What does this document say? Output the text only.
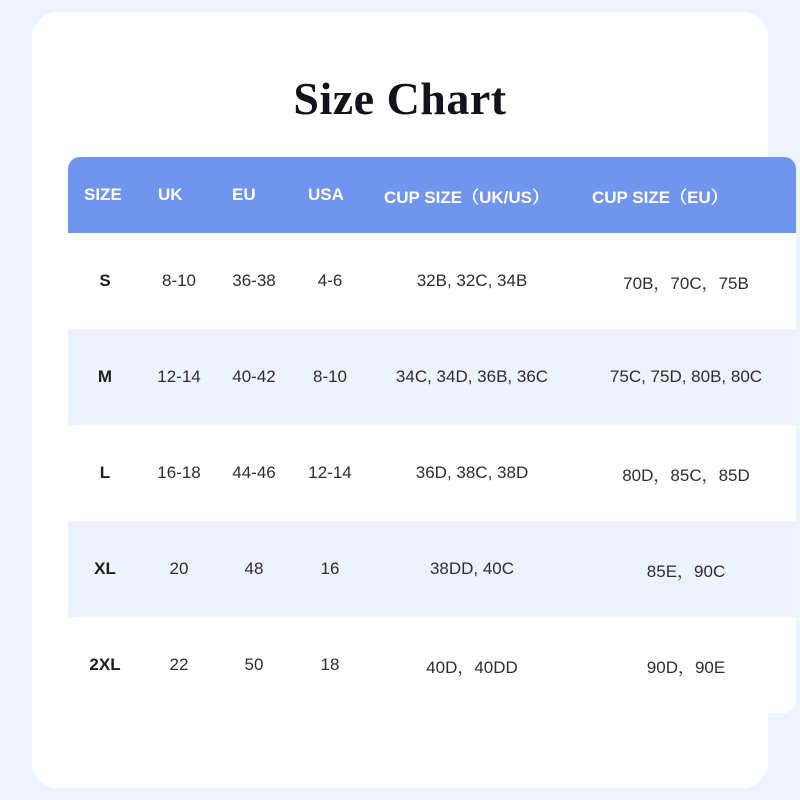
Size Chart
SIZE	UK	EU	USA	CUP SIZE（UK/US）	CUP SIZE（EU）
S	8-10	36-38	4-6	32B, 32C, 34B	70B，70C，75B
M	12-14	40-42	8-10	34C, 34D, 36B, 36C	75C, 75D, 80B, 80C
L	16-18	44-46	12-14	36D, 38C, 38D	80D，85C，85D
XL	20	48	16	38DD, 40C	85E，90C
2XL	22	50	18	40D，40DD	90D，90E
